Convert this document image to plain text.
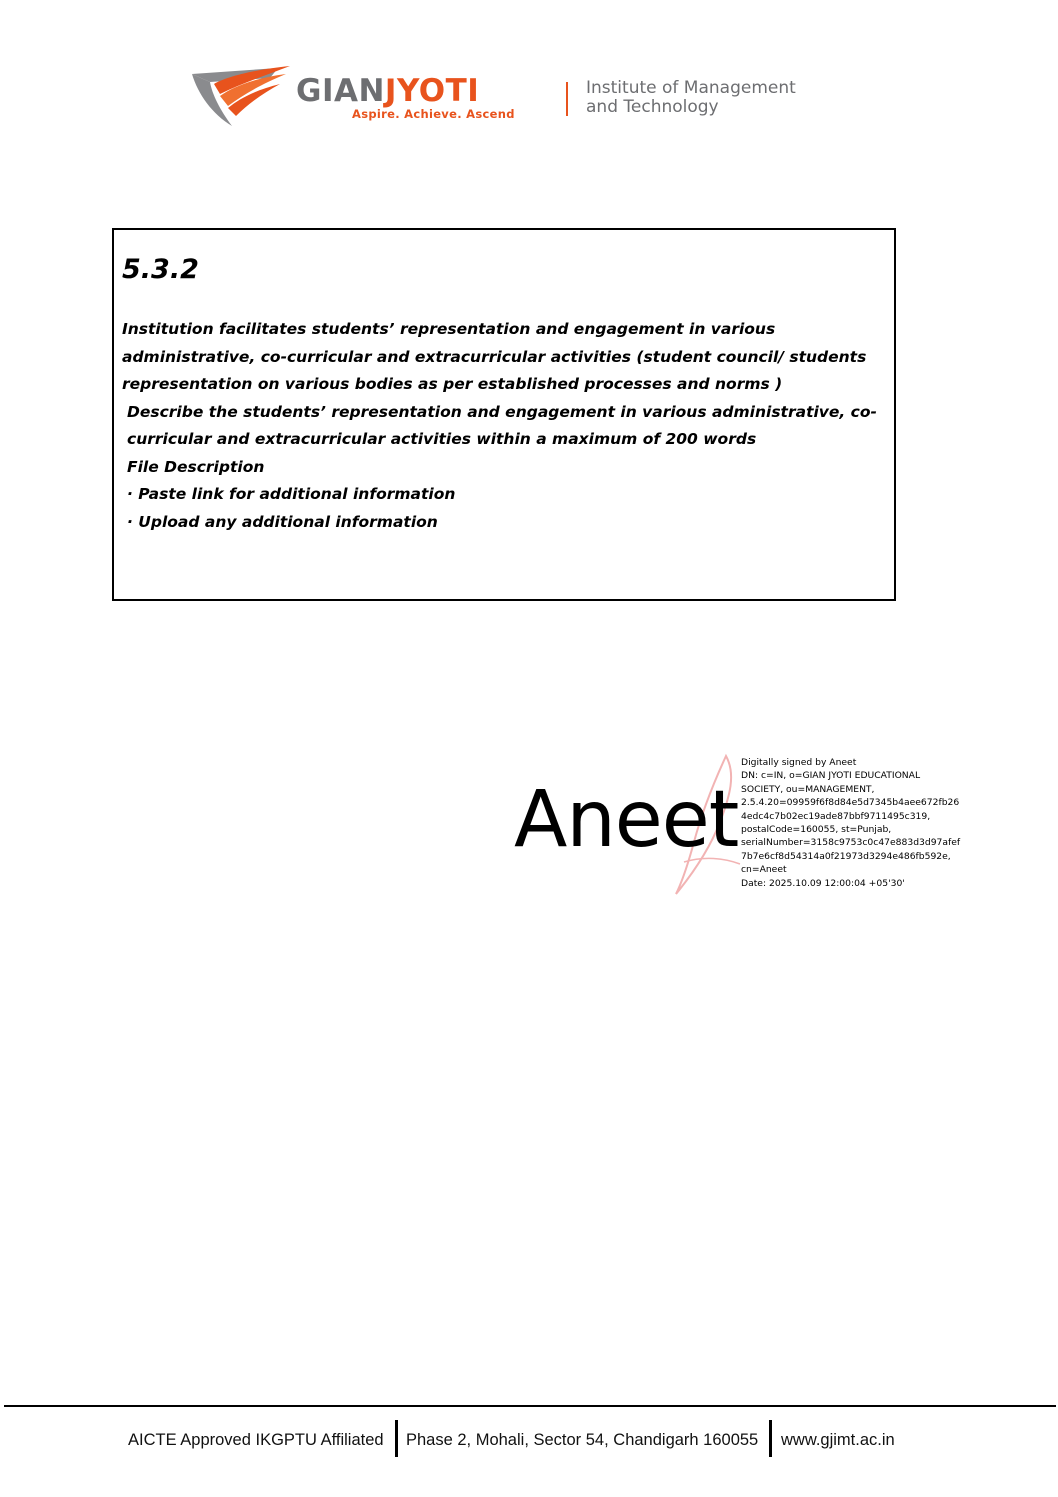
GIANJYOTI
Aspire. Achieve. Ascend
Institute of Management
and Technology
5.3.2

Institution facilitates students’ representation and engagement in various administrative, co-curricular and extracurricular activities (student council/ students representation on various bodies as per established processes and norms )

Describe the students’ representation and engagement in various administrative, co-curricular and extracurricular activities within a maximum of 200 words

File Description

· Paste link for additional information

· Upload any additional information

Aneet
Digitally signed by Aneet
DN: c=IN, o=GIAN JYOTI EDUCATIONAL
SOCIETY, ou=MANAGEMENT,
2.5.4.20=09959f6f8d84e5d7345b4aee672fb26
4edc4c7b02ec19ade87bbf9711495c319,
postalCode=160055, st=Punjab,
serialNumber=3158c9753c0c47e883d3d97afef
7b7e6cf8d54314a0f21973d3294e486fb592e,
cn=Aneet
Date: 2025.10.09 12:00:04 +05'30'
AICTE Approved IKGPTU Affiliated Phase 2, Mohali, Sector 54, Chandigarh 160055 www.gjimt.ac.in
